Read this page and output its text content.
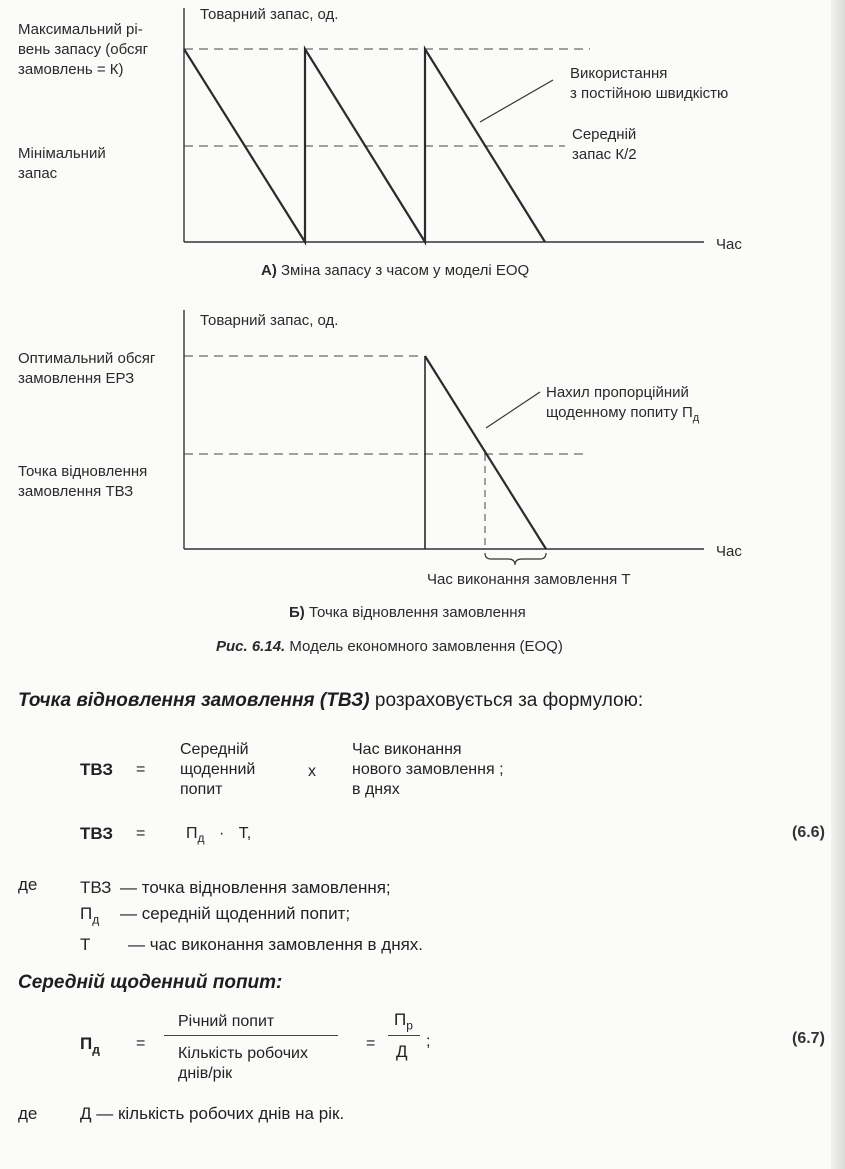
Товарний запас, од.
Максимальний рі-
вень запасу (обсяг
замовлень = К)
Мінімальний
запас
Використання
з постійною швидкістю
Середній
запас К/2
Час
А) Зміна запасу з часом у моделі EOQ
Товарний запас, од.
Оптимальний обсяг
замовлення ЕРЗ
Точка відновлення
замовлення ТВЗ
Нахил пропорційний
щоденному попиту $П_д$
Час
Час виконання замовлення Т
Б) Точка відновлення замовлення
Рис. 6.14. Модель економного замовлення (EOQ)
Точка відновлення замовлення (ТВЗ) розраховується за формулою:
ТВЗ =
Середній
щоденний
попит
x
Час виконання
нового замовлення ;
в днях
ТВЗ =	$П_д \cdot Т$,	(6.6)
де	ТВЗ — точка відновлення замовлення;
$П_д$ — середній щоденний попит;
Т — час виконання замовлення в днях.
Середній щоденний попит:
$П_д$ =
Річний попит
Кількість робочих
днів/рік
=
$П_р$
Д
;	(6.7)
де	Д — кількість робочих днів на рік.
